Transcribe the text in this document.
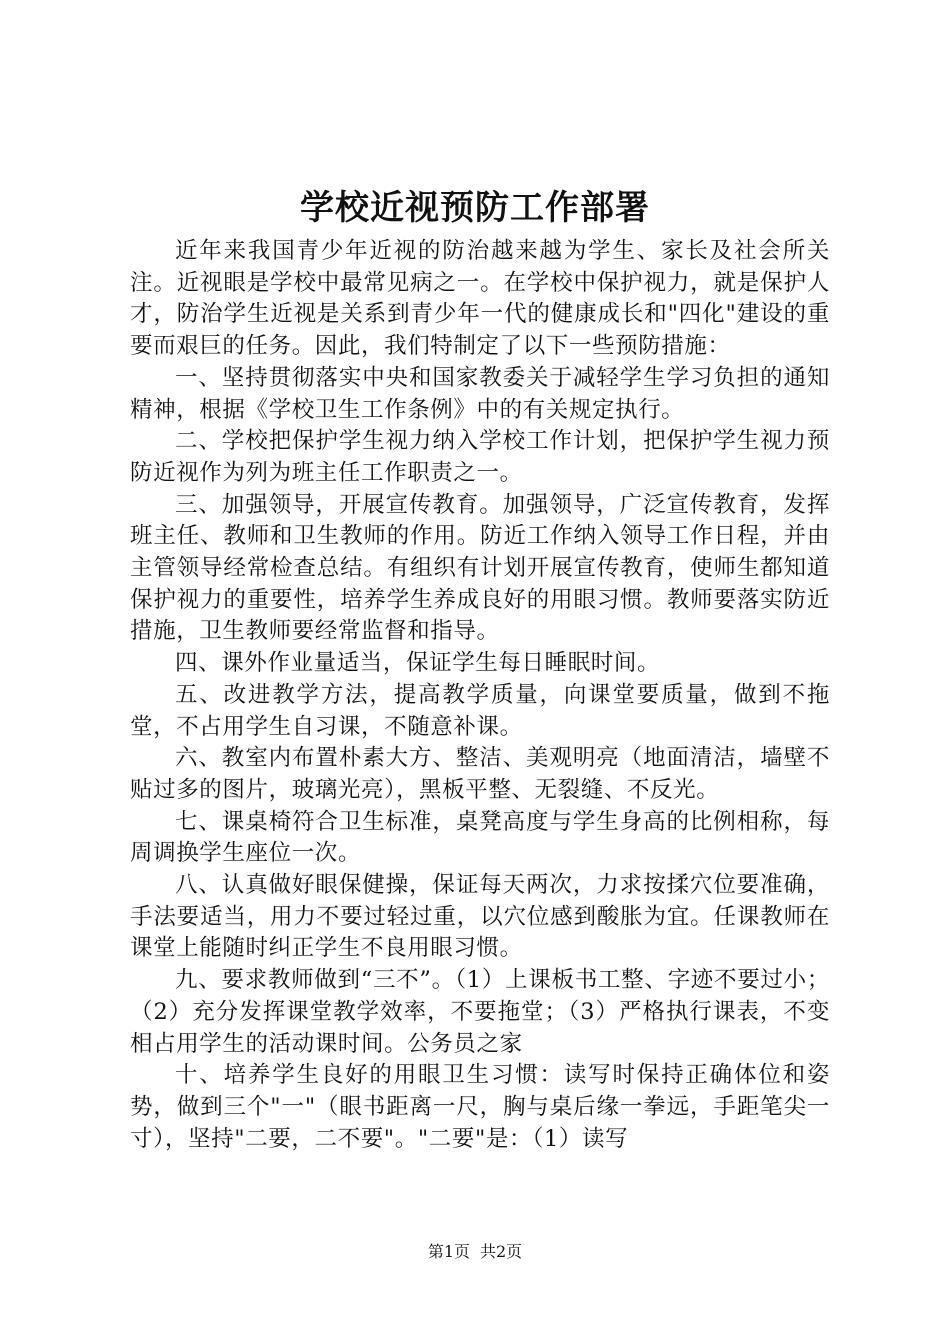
学校近视预防工作部署

近年来我国青少年近视的防治越来越为学生、家长及社会所关注。近视眼是学校中最常见病之一。在学校中保护视力，就是保护人才，防治学生近视是关系到青少年一代的健康成长和"四化"建设的重要而艰巨的任务。因此，我们特制定了以下一些预防措施：

一、坚持贯彻落实中央和国家教委关于减轻学生学习负担的通知精神，根据《学校卫生工作条例》中的有关规定执行。

二、学校把保护学生视力纳入学校工作计划，把保护学生视力预防近视作为列为班主任工作职责之一。

三、加强领导，开展宣传教育。加强领导，广泛宣传教育，发挥班主任、教师和卫生教师的作用。防近工作纳入领导工作日程，并由主管领导经常检查总结。有组织有计划开展宣传教育，使师生都知道保护视力的重要性，培养学生养成良好的用眼习惯。教师要落实防近措施，卫生教师要经常监督和指导。

四、课外作业量适当，保证学生每日睡眠时间。

五、改进教学方法，提高教学质量，向课堂要质量，做到不拖堂，不占用学生自习课，不随意补课。

六、教室内布置朴素大方、整洁、美观明亮（地面清洁，墙壁不贴过多的图片，玻璃光亮），黑板平整、无裂缝、不反光。

七、课桌椅符合卫生标准，桌凳高度与学生身高的比例相称，每周调换学生座位一次。

八、认真做好眼保健操，保证每天两次，力求按揉穴位要准确，手法要适当，用力不要过轻过重，以穴位感到酸胀为宜。任课教师在课堂上能随时纠正学生不良用眼习惯。

九、要求教师做到“三不”。（1）上课板书工整、字迹不要过小；（2）充分发挥课堂教学效率，不要拖堂；（3）严格执行课表，不变相占用学生的活动课时间。公务员之家

十、培养学生良好的用眼卫生习惯：读写时保持正确体位和姿势，做到三个"一"（眼书距离一尺，胸与桌后缘一拳远，手距笔尖一寸），坚持"二要，二不要"。"二要"是：（1）读写

第1页 共2页
